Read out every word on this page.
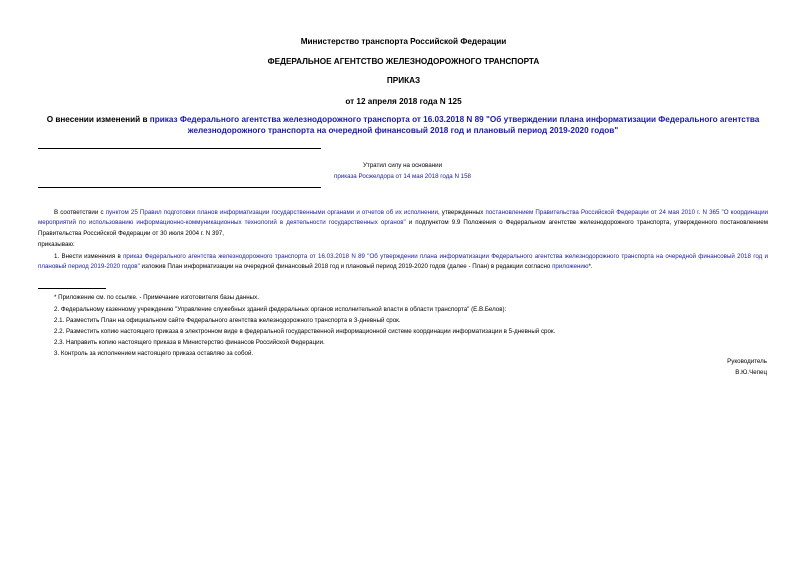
Министерство транспорта Российской Федерации
ФЕДЕРАЛЬНОЕ АГЕНТСТВО ЖЕЛЕЗНОДОРОЖНОГО ТРАНСПОРТА
ПРИКАЗ
от 12 апреля 2018 года N 125
О внесении изменений в приказ Федерального агентства железнодорожного транспорта от 16.03.2018 N 89 "Об утверждении плана информатизации Федерального агентства железнодорожного транспорта на очередной финансовый 2018 год и плановый период 2019-2020 годов"
Утратил силу на основании
приказа Росжелдора от 14 мая 2018 года N 158
В соответствии с пунктом 25 Правил подготовки планов информатизации государственными органами и отчетов об их исполнении, утвержденных постановлением Правительства Российской Федерации от 24 мая 2010 г. N 365 "О координации мероприятий по использованию информационно-коммуникационных технологий в деятельности государственных органов" и подпунктом 9.9 Положения о Федеральном агентстве железнодорожного транспорта, утвержденного постановлением Правительства Российской Федерации от 30 июля 2004 г. N 397,
приказываю:
1. Внести изменения в приказ Федерального агентства железнодорожного транспорта от 16.03.2018 N 89 "Об утверждении плана информатизации Федерального агентства железнодорожного транспорта на очередной финансовый 2018 год и плановый период 2019-2020 годов" изложив План информатизации на очередной финансовый 2018 год и плановый период 2019-2020 годов (далее - План) в редакции согласно приложению*.
* Приложение см. по ссылке. - Примечание изготовителя базы данных.
2. Федеральному казенному учреждению "Управление служебных зданий федеральных органов исполнительной власти в области транспорта" (Е.В.Белов):
2.1. Разместить План на официальном сайте Федерального агентства железнодорожного транспорта в 3-дневный срок.
2.2. Разместить копию настоящего приказа в электронном виде в федеральной государственной информационной системе координации информатизации в 5-дневный срок.
2.3. Направить копию настоящего приказа в Министерство финансов Российской Федерации.
3. Контроль за исполнением настоящего приказа оставляю за собой.
Руководитель
В.Ю.Чепец
